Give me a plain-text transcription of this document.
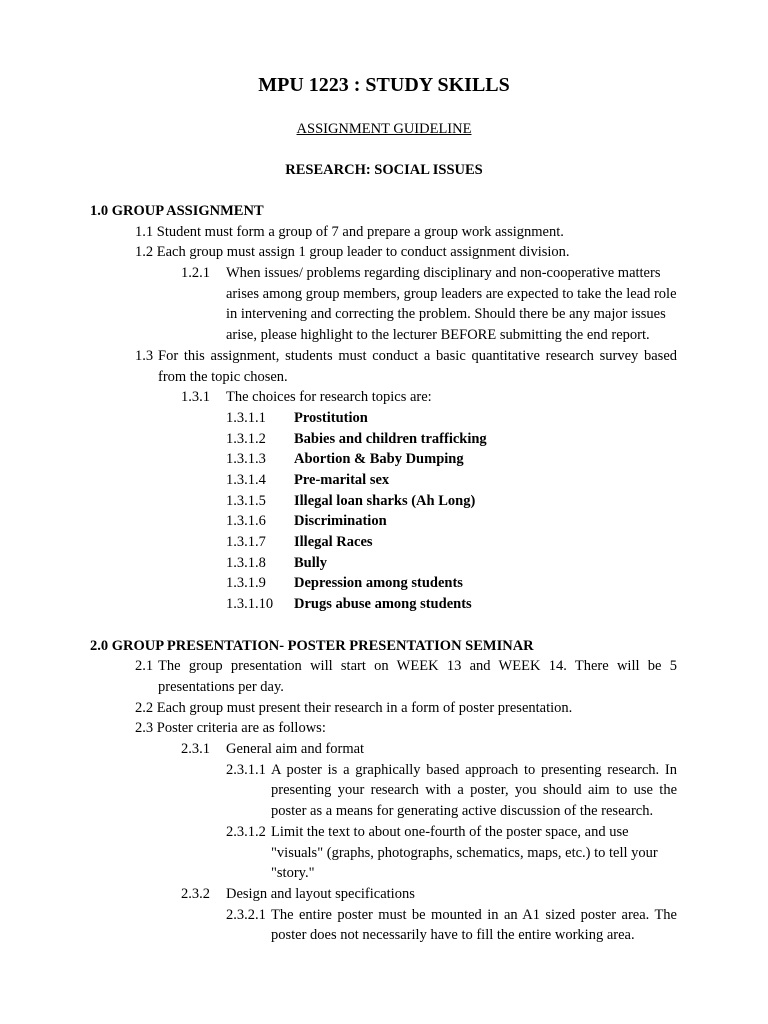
MPU 1223 : STUDY SKILLS
ASSIGNMENT GUIDELINE
RESEARCH: SOCIAL ISSUES
1.0 GROUP ASSIGNMENT
1.1 Student must form a group of 7 and prepare a group work assignment.
1.2 Each group must assign 1 group leader to conduct assignment division.
1.2.1 When issues/ problems regarding disciplinary and non-cooperative matters arises among group members, group leaders are expected to take the lead role in intervening and correcting the problem. Should there be any major issues arise, please highlight to the lecturer BEFORE submitting the end report.
1.3 For this assignment, students must conduct a basic quantitative research survey based from the topic chosen.
1.3.1 The choices for research topics are:
1.3.1.1 Prostitution
1.3.1.2 Babies and children trafficking
1.3.1.3 Abortion & Baby Dumping
1.3.1.4 Pre-marital sex
1.3.1.5 Illegal loan sharks (Ah Long)
1.3.1.6 Discrimination
1.3.1.7 Illegal Races
1.3.1.8 Bully
1.3.1.9 Depression among students
1.3.1.10 Drugs abuse among students
2.0 GROUP PRESENTATION- POSTER PRESENTATION SEMINAR
2.1 The group presentation will start on WEEK 13 and WEEK 14. There will be 5 presentations per day.
2.2 Each group must present their research in a form of poster presentation.
2.3 Poster criteria are as follows:
2.3.1 General aim and format
2.3.1.1 A poster is a graphically based approach to presenting research. In presenting your research with a poster, you should aim to use the poster as a means for generating active discussion of the research.
2.3.1.2 Limit the text to about one-fourth of the poster space, and use "visuals" (graphs, photographs, schematics, maps, etc.) to tell your "story."
2.3.2 Design and layout specifications
2.3.2.1 The entire poster must be mounted in an A1 sized poster area. The poster does not necessarily have to fill the entire working area.
